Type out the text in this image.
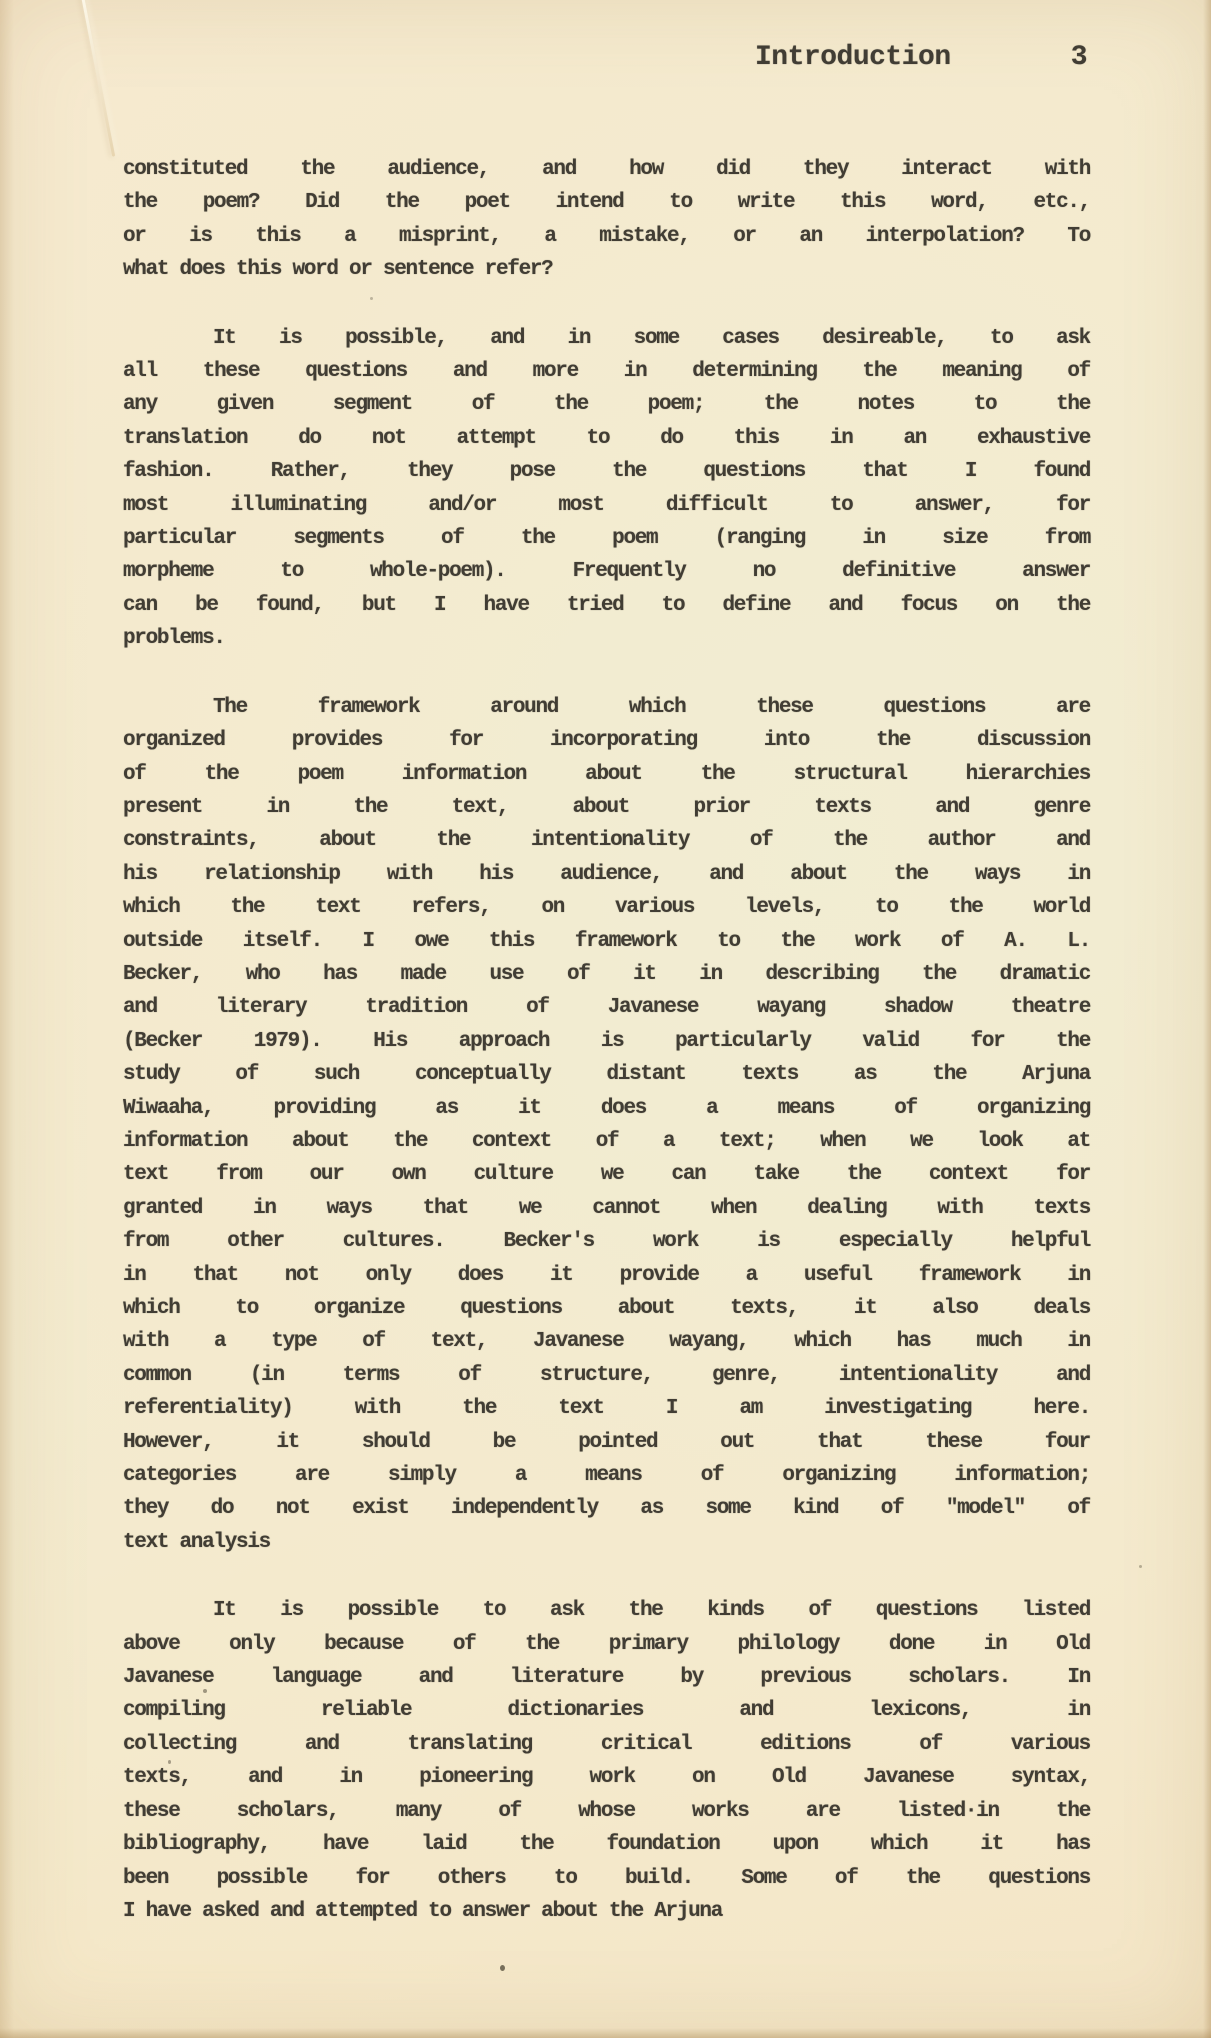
Introduction	3
constituted the audience, and how did they interact with
the poem? Did the poet intend to write this word, etc.,
or is this a misprint, a mistake, or an interpolation? To
what does this word or sentence refer?
It is possible, and in some cases desireable, to ask
all these questions and more in determining the meaning of
any given segment of the poem; the notes to the
translation do not attempt to do this in an exhaustive
fashion. Rather, they pose the questions that I found
most illuminating and/or most difficult to answer, for
particular segments of the poem (ranging in size from
morpheme to whole-poem). Frequently no definitive answer
can be found, but I have tried to define and focus on the
problems.
The framework around which these questions are
organized provides for incorporating into the discussion
of the poem information about the structural hierarchies
present in the text, about prior texts and genre
constraints, about the intentionality of the author and
his relationship with his audience, and about the ways in
which the text refers, on various levels, to the world
outside itself. I owe this framework to the work of A. L.
Becker, who has made use of it in describing the dramatic
and literary tradition of Javanese wayang shadow theatre
(Becker 1979). His approach is particularly valid for the
study of such conceptually distant texts as the Arjuna
Wiwaaha, providing as it does a means of organizing
information about the context of a text; when we look at
text from our own culture we can take the context for
granted in ways that we cannot when dealing with texts
from other cultures. Becker's work is especially helpful
in that not only does it provide a useful framework in
which to organize questions about texts, it also deals
with a type of text, Javanese wayang, which has much in
common (in terms of structure, genre, intentionality and
referentiality) with the text I am investigating here.
However, it should be pointed out that these four
categories are simply a means of organizing information;
they do not exist independently as some kind of "model" of
text analysis
It is possible to ask the kinds of questions listed
above only because of the primary philology done in Old
Javanese language and literature by previous scholars. In
compiling reliable dictionaries and lexicons, in
collecting and translating critical editions of various
texts, and in pioneering work on Old Javanese syntax,
these scholars, many of whose works are listed·in the
bibliography, have laid the foundation upon which it has
been possible for others to build. Some of the questions
I have asked and attempted to answer about the Arjuna
